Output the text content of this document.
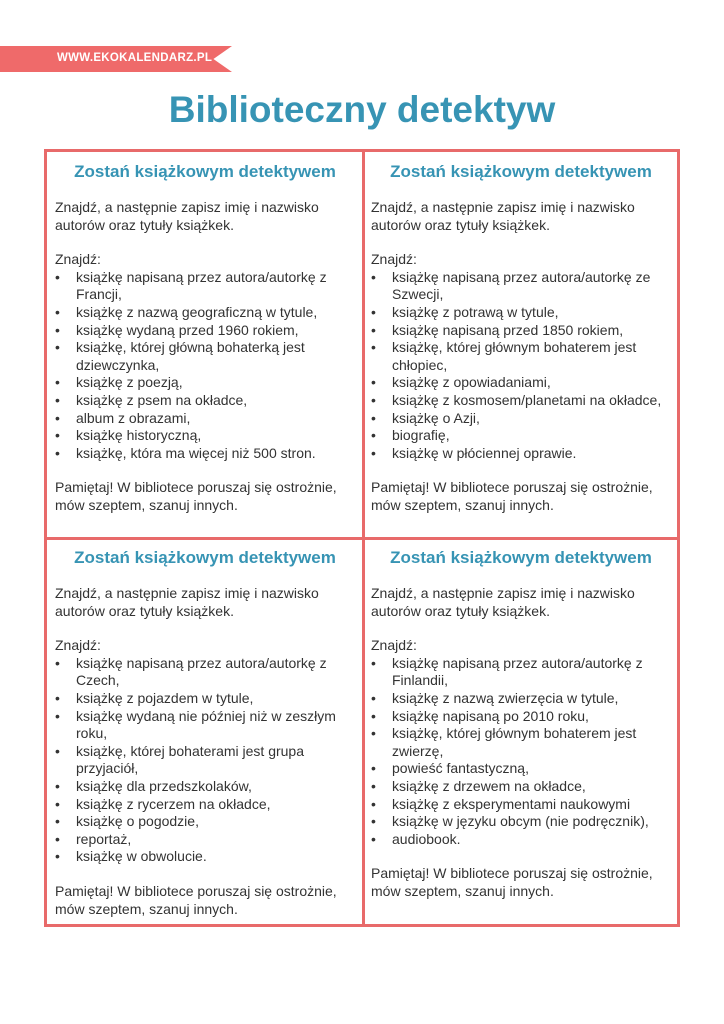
WWW.EKOKALENDARZ.PL
Biblioteczny detektyw
Zostań książkowym detektywem

Znajdź, a następnie zapisz imię i nazwisko autorów oraz tytuły książkek.

Znajdź:

• książkę napisaną przez autora/autorkę z Francji,
• książkę z nazwą geograficzną w tytule,
• książkę wydaną przed 1960 rokiem,
• książkę, której główną bohaterką jest dziewczynka,
• książkę z poezją,
• książkę z psem na okładce,
• album z obrazami,
• książkę historyczną,
• książkę, która ma więcej niż 500 stron.

Pamiętaj! W bibliotece poruszaj się ostrożnie, mów szeptem, szanuj innych.

Zostań książkowym detektywem

Znajdź, a następnie zapisz imię i nazwisko autorów oraz tytuły książkek.

Znajdź:

• książkę napisaną przez autora/autorkę ze Szwecji,
• książkę z potrawą w tytule,
• książkę napisaną przed 1850 rokiem,
• książkę, której głównym bohaterem jest chłopiec,
• książkę z opowiadaniami,
• książkę z kosmosem/planetami na okładce,
• książkę o Azji,
• biografię,
• książkę w płóciennej oprawie.

Pamiętaj! W bibliotece poruszaj się ostrożnie, mów szeptem, szanuj innych.

Zostań książkowym detektywem

Znajdź, a następnie zapisz imię i nazwisko autorów oraz tytuły książkek.

Znajdź:

• książkę napisaną przez autora/autorkę z Czech,
• książkę z pojazdem w tytule,
• książkę wydaną nie później niż w zeszłym roku,
• książkę, której bohaterami jest grupa przyjaciół,
• książkę dla przedszkolaków,
• książkę z rycerzem na okładce,
• książkę o pogodzie,
• reportaż,
• książkę w obwolucie.

Pamiętaj! W bibliotece poruszaj się ostrożnie, mów szeptem, szanuj innych.

Zostań książkowym detektywem

Znajdź, a następnie zapisz imię i nazwisko autorów oraz tytuły książkek.

Znajdź:

• książkę napisaną przez autora/autorkę z Finlandii,
• książkę z nazwą zwierzęcia w tytule,
• książkę napisaną po 2010 roku,
• książkę, której głównym bohaterem jest zwierzę,
• powieść fantastyczną,
• książkę z drzewem na okładce,
• książkę z eksperymentami naukowymi
• książkę w języku obcym (nie podręcznik),
• audiobook.

Pamiętaj! W bibliotece poruszaj się ostrożnie, mów szeptem, szanuj innych.
